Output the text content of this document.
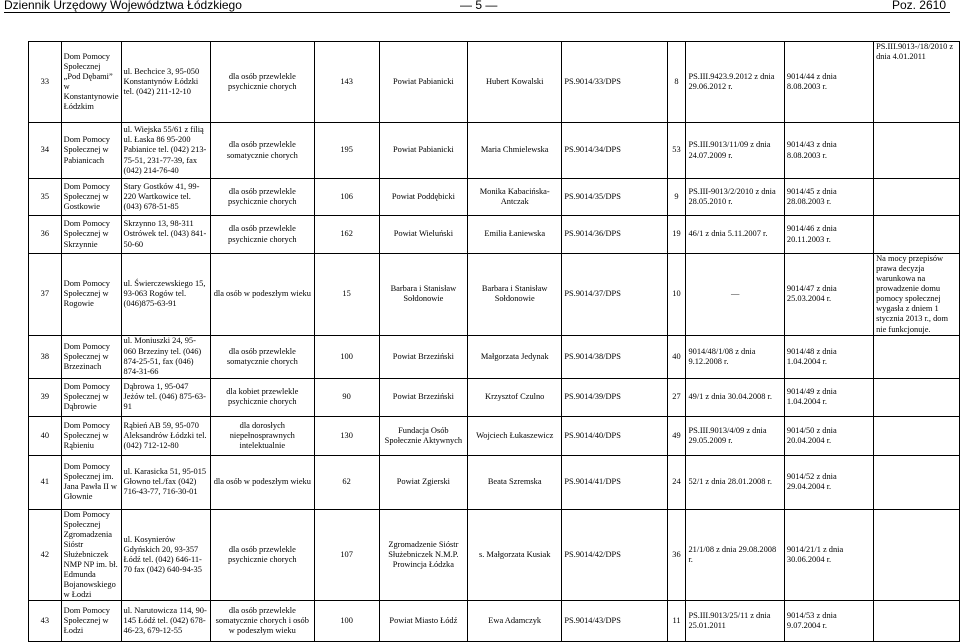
Dziennik Urzędowy Województwa Łódzkiego	— 5 —	Poz. 2610
33	Dom Pomocy Społecznej „Pod Dębami” w Konstantynowie Łódzkim	ul. Bechcice 3, 95-050 Konstantynów Łódzki tel. (042) 211-12-10	dla osób przewlekle psychicznie chorych	143	Powiat Pabianicki	Hubert Kowalski	PS.9014/33/DPS	8	PS.III.9423.9.2012 z dnia 29.06.2012 r.	9014/44 z dnia 8.08.2003 r.	PS.III.9013-/18/2010 z dnia 4.01.2011
34	Dom Pomocy Społecznej w Pabianicach	ul. Wiejska 55/61 z filią ul. Łaska 86 95-200 Pabianice tel. (042) 213-75-51, 231-77-39, fax (042) 214-76-40	dla osób przewlekle somatycznie chorych	195	Powiat Pabianicki	Maria Chmielewska	PS.9014/34/DPS	53	PS.III.9013/11/09 z dnia 24.07.2009 r.	9014/43 z dnia 8.08.2003 r.	
35	Dom Pomocy Społecznej w Gostkowie	Stary Gostków 41, 99-220 Wartkowice tel. (043) 678-51-85	dla osób przewlekle psychicznie chorych	106	Powiat Poddębicki	Monika Kabacińska-Antczak	PS.9014/35/DPS	9	PS.III-9013/2/2010 z dnia 28.05.2010 r.	9014/45 z dnia 28.08.2003 r.	
36	Dom Pomocy Społecznej w Skrzynnie	Skrzynno 13, 98-311 Ostrówek tel. (043) 841-50-60	dla osób przewlekle psychicznie chorych	162	Powiat Wieluński	Emilia Łaniewska	PS.9014/36/DPS	19	46/1 z dnia 5.11.2007 r.	9014/46 z dnia 20.11.2003 r.	
37	Dom Pomocy Społecznej w Rogowie	ul. Świerczewskiego 15, 93-063 Rogów tel. (046)875-63-91	dla osób w podeszłym wieku	15	Barbara i Stanisław Sołdonowie	Barbara i Stanisław Sołdonowie	PS.9014/37/DPS	10	—	9014/47 z dnia 25.03.2004 r.	Na mocy przepisów prawa decyzja warunkowa na prowadzenie domu pomocy społecznej wygasła z dniem 1 stycznia 2013 r., dom nie funkcjonuje.
38	Dom Pomocy Społecznej w Brzezinach	ul. Moniuszki 24, 95-060 Brzeziny tel. (046) 874-25-51, fax (046) 874-31-66	dla osób przewlekle somatycznie chorych	100	Powiat Brzeziński	Małgorzata Jedynak	PS.9014/38/DPS	40	9014/48/1/08 z dnia 9.12.2008 r.	9014/48 z dnia 1.04.2004 r.	
39	Dom Pomocy Społecznej w Dąbrowie	Dąbrowa 1, 95-047 Jeżów tel. (046) 875-63-91	dla kobiet przewlekle psychicznie chorych	90	Powiat Brzeziński	Krzysztof Czulno	PS.9014/39/DPS	27	49/1 z dnia 30.04.2008 r.	9014/49 z dnia 1.04.2004 r.	
40	Dom Pomocy Społecznej w Rąbieniu	Rąbień AB 59, 95-070 Aleksandrów Łódzki tel. (042) 712-12-80	dla dorosłych niepełnosprawnych intelektualnie	130	Fundacja Osób Społecznie Aktywnych	Wojciech Łukaszewicz	PS.9014/40/DPS	49	PS.III.9013/4/09 z dnia 29.05.2009 r.	9014/50 z dnia 20.04.2004 r.	
41	Dom Pomocy Społecznej im. Jana Pawła II w Głownie	ul. Karasicka 51, 95-015 Głowno tel./fax (042) 716-43-77, 716-30-01	dla osób w podeszłym wieku	62	Powiat Zgierski	Beata Szremska	PS.9014/41/DPS	24	52/1 z dnia 28.01.2008 r.	9014/52 z dnia 29.04.2004 r.	
42	Dom Pomocy Społecznej Zgromadzenia Sióstr Służebniczek NMP NP im. bł. Edmunda Bojanowskiego w Łodzi	ul. Kosynierów Gdyńskich 20, 93-357 Łódź tel. (042) 646-11-70 fax (042) 640-94-35	dla osób przewlekle psychicznie chorych	107	Zgromadzenie Sióstr Służebniczek N.M.P. Prowincja Łódzka	s. Małgorzata Kusiak	PS.9014/42/DPS	36	21/1/08 z dnia 29.08.2008 r.	9014/21/1 z dnia 30.06.2004 r.	
43	Dom Pomocy Społecznej w Łodzi	ul. Narutowicza 114, 90-145 Łódź tel. (042) 678-46-23, 679-12-55	dla osób przewlekle somatycznie chorych i osób w podeszłym wieku	100	Powiat Miasto Łódź	Ewa Adamczyk	PS.9014/43/DPS	11	PS.III.9013/25/11 z dnia 25.01.2011	9014/53 z dnia 9.07.2004 r.	
